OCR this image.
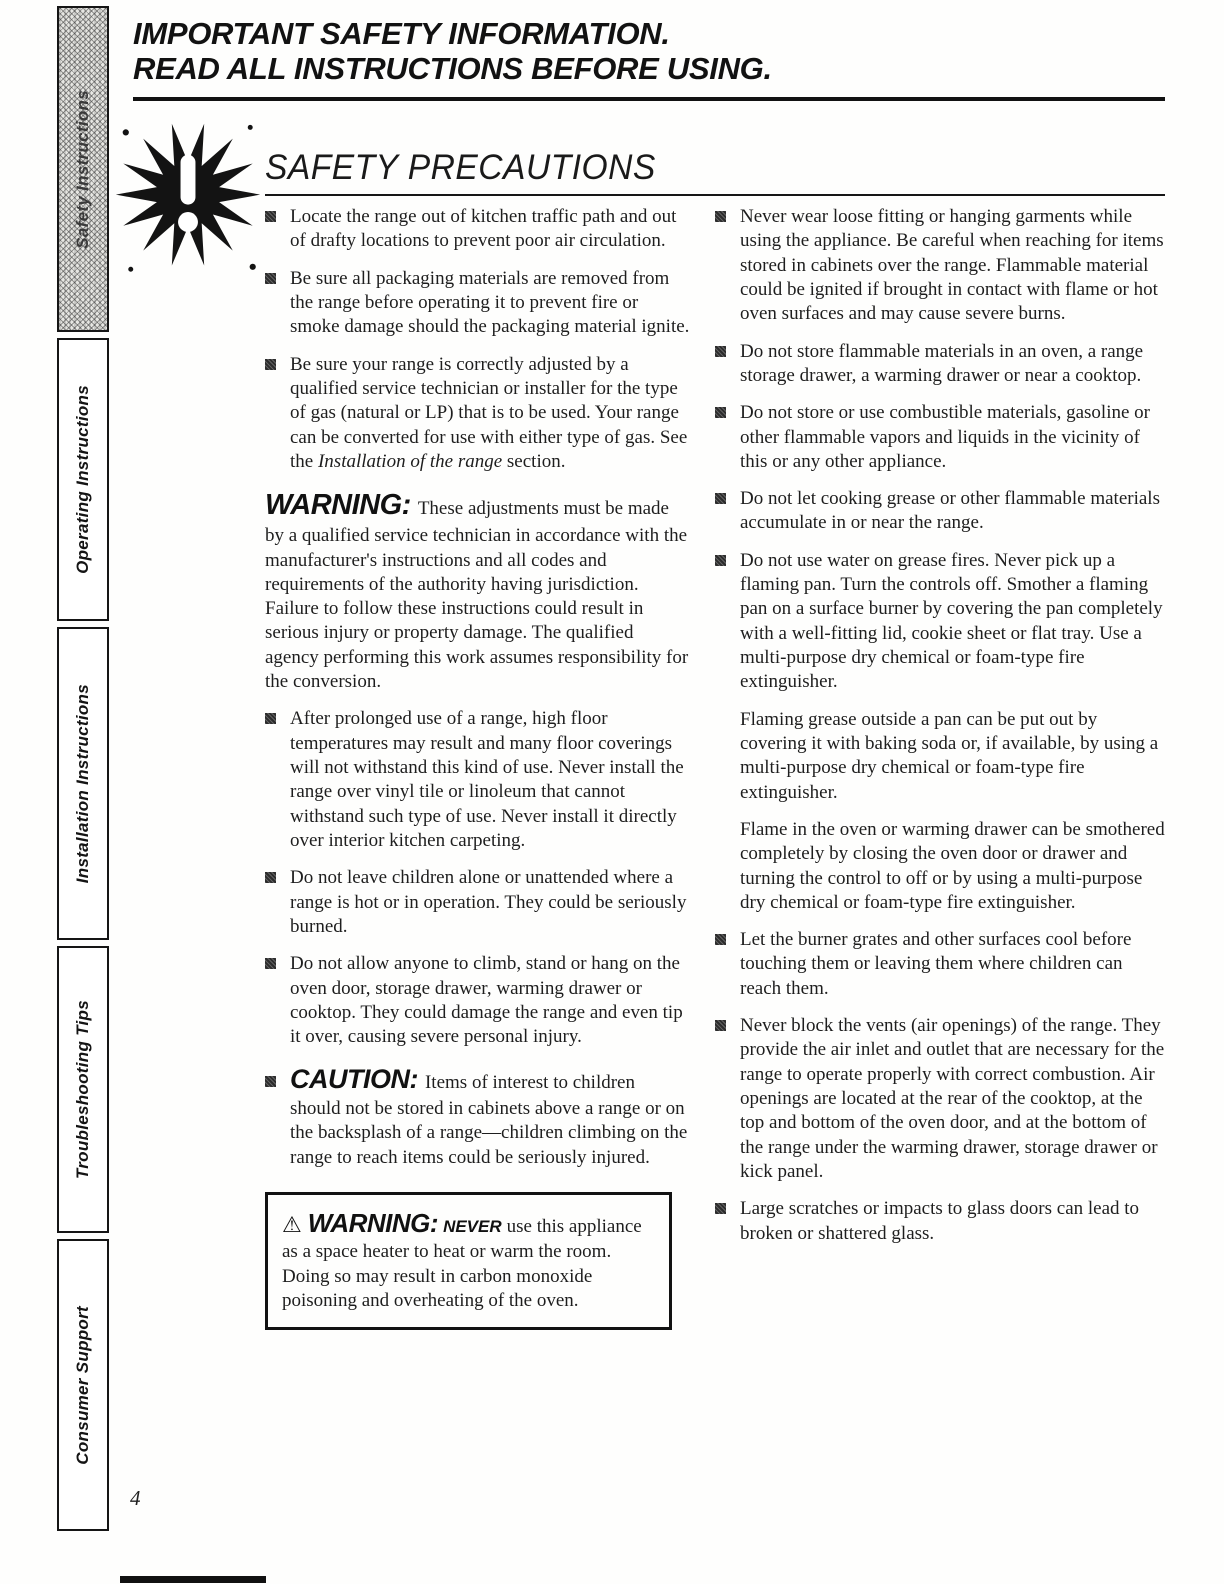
Safety Instructions
Operating Instructions
Installation Instructions
Troubleshooting Tips
Consumer Support
IMPORTANT SAFETY INFORMATION.
READ ALL INSTRUCTIONS BEFORE USING.
SAFETY PRECAUTIONS
Locate the range out of kitchen traffic path and out of drafty locations to prevent poor air circulation.
Be sure all packaging materials are removed from the range before operating it to prevent fire or smoke damage should the packaging material ignite.
Be sure your range is correctly adjusted by a qualified service technician or installer for the type of gas (natural or LP) that is to be used. Your range can be converted for use with either type of gas. See the Installation of the range section.
WARNING: These adjustments must be made by a qualified service technician in accordance with the manufacturer's instructions and all codes and requirements of the authority having jurisdiction. Failure to follow these instructions could result in serious injury or property damage. The qualified agency performing this work assumes responsibility for the conversion.
After prolonged use of a range, high floor temperatures may result and many floor coverings will not withstand this kind of use. Never install the range over vinyl tile or linoleum that cannot withstand such type of use. Never install it directly over interior kitchen carpeting.
Do not leave children alone or unattended where a range is hot or in operation. They could be seriously burned.
Do not allow anyone to climb, stand or hang on the oven door, storage drawer, warming drawer or cooktop. They could damage the range and even tip it over, causing severe personal injury.
CAUTION: Items of interest to children should not be stored in cabinets above a range or on the backsplash of a range—children climbing on the range to reach items could be seriously injured.
⚠ WARNING: NEVER use this appliance as a space heater to heat or warm the room. Doing so may result in carbon monoxide poisoning and overheating of the oven.
Never wear loose fitting or hanging garments while using the appliance. Be careful when reaching for items stored in cabinets over the range. Flammable material could be ignited if brought in contact with flame or hot oven surfaces and may cause severe burns.
Do not store flammable materials in an oven, a range storage drawer, a warming drawer or near a cooktop.
Do not store or use combustible materials, gasoline or other flammable vapors and liquids in the vicinity of this or any other appliance.
Do not let cooking grease or other flammable materials accumulate in or near the range.
Do not use water on grease fires. Never pick up a flaming pan. Turn the controls off. Smother a flaming pan on a surface burner by covering the pan completely with a well-fitting lid, cookie sheet or flat tray. Use a multi-purpose dry chemical or foam-type fire extinguisher.
Flaming grease outside a pan can be put out by covering it with baking soda or, if available, by using a multi-purpose dry chemical or foam-type fire extinguisher.
Flame in the oven or warming drawer can be smothered completely by closing the oven door or drawer and turning the control to off or by using a multi-purpose dry chemical or foam-type fire extinguisher.
Let the burner grates and other surfaces cool before touching them or leaving them where children can reach them.
Never block the vents (air openings) of the range. They provide the air inlet and outlet that are necessary for the range to operate properly with correct combustion. Air openings are located at the rear of the cooktop, at the top and bottom of the oven door, and at the bottom of the range under the warming drawer, storage drawer or kick panel.
Large scratches or impacts to glass doors can lead to broken or shattered glass.
4
